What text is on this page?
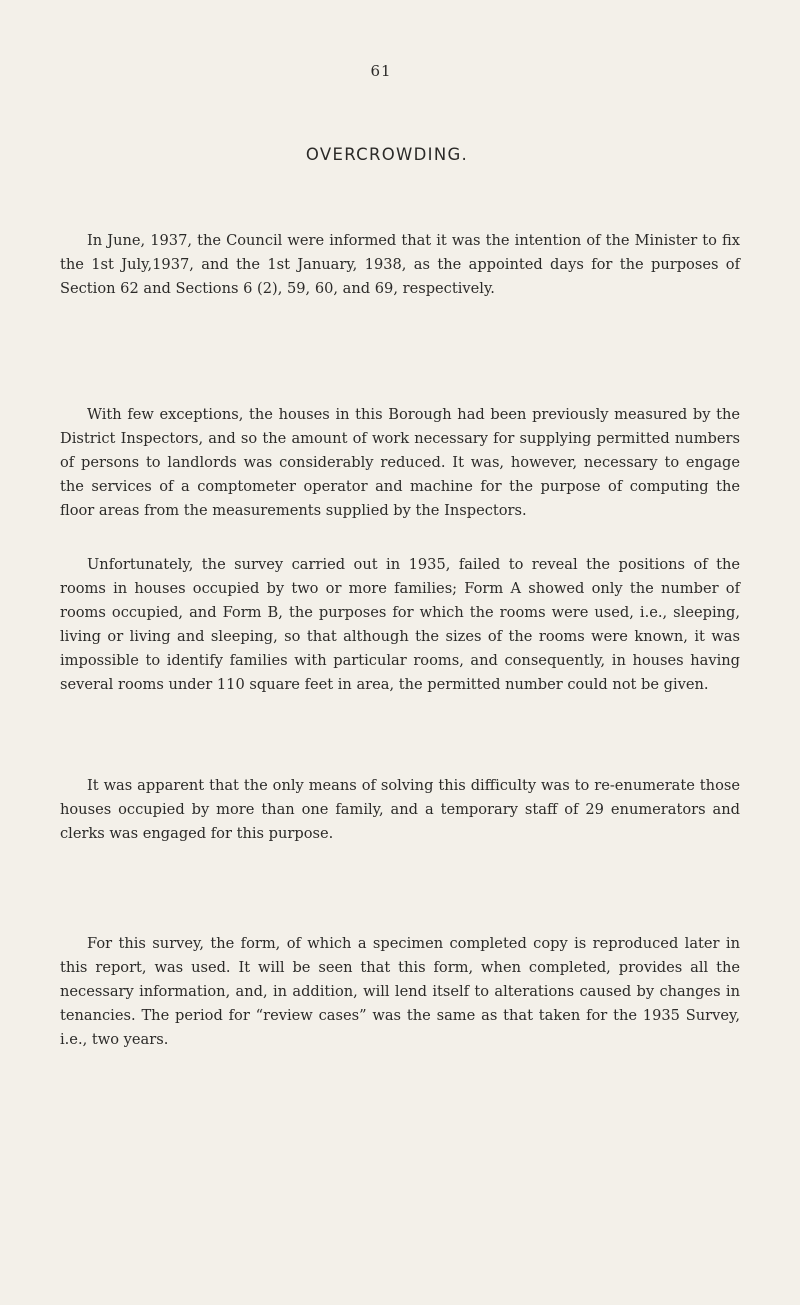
61
OVERCROWDING.

In June, 1937, the Council were informed that it was the intention of the Minister to fix the 1st July,1937, and the 1st January, 1938, as the appointed days for the purposes of Section 62 and Sections 6 (2), 59, 60, and 69, respectively.

With few exceptions, the houses in this Borough had been previously measured by the District Inspectors, and so the amount of work necessary for supplying permitted numbers of persons to landlords was considerably reduced. It was, however, necessary to engage the services of a comptometer operator and machine for the purpose of computing the floor areas from the measurements supplied by the Inspectors.

Unfortunately, the survey carried out in 1935, failed to reveal the positions of the rooms in houses occupied by two or more families; Form A showed only the number of rooms occupied, and Form B, the purposes for which the rooms were used, i.e., sleeping, living or living and sleeping, so that although the sizes of the rooms were known, it was impossible to identify families with particular rooms, and consequently, in houses having several rooms under 110 square feet in area, the permitted number could not be given.

It was apparent that the only means of solving this difficulty was to re-enumerate those houses occupied by more than one family, and a temporary staff of 29 enumerators and clerks was engaged for this purpose.

For this survey, the form, of which a specimen completed copy is reproduced later in this report, was used. It will be seen that this form, when completed, provides all the necessary information, and, in addition, will lend itself to alterations caused by changes in tenancies. The period for “review cases” was the same as that taken for the 1935 Survey, i.e., two years.
